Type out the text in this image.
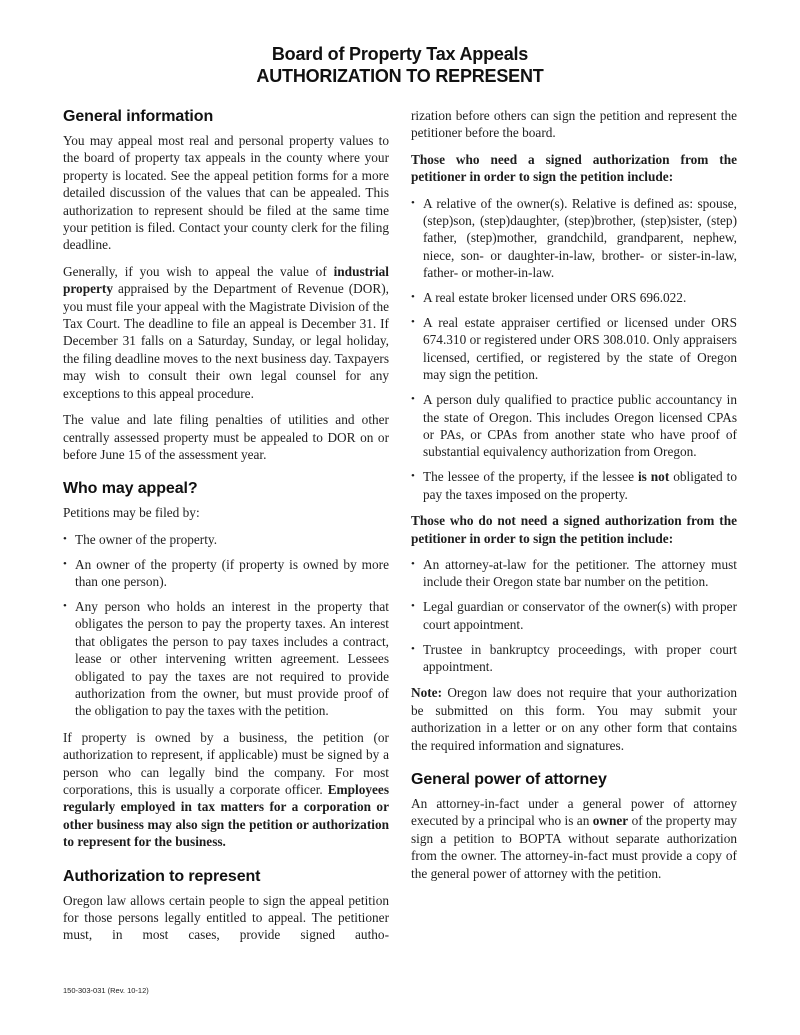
Board of Property Tax Appeals
AUTHORIZATION TO REPRESENT
General information

You may appeal most real and personal property values to the board of property tax appeals in the county where your property is located. See the appeal petition forms for a more detailed discussion of the values that can be appealed. This authorization to represent should be filed at the same time your petition is filed. Contact your county clerk for the filing deadline.

Generally, if you wish to appeal the value of industrial property appraised by the Department of Revenue (DOR), you must file your appeal with the Magistrate Division of the Tax Court. The deadline to file an appeal is December 31. If December 31 falls on a Saturday, Sunday, or legal holiday, the filing deadline moves to the next business day. Taxpayers may wish to consult their own legal counsel for any exceptions to this appeal procedure.

The value and late filing penalties of utilities and other centrally assessed property must be appealed to DOR on or before June 15 of the assessment year.

Who may appeal?

Petitions may be filed by:

• The owner of the property.
• An owner of the property (if property is owned by more than one person).
• Any person who holds an interest in the property that obligates the person to pay the property taxes. An interest that obligates the person to pay taxes includes a contract, lease or other intervening written agreement. Lessees obligated to pay the taxes are not required to provide authorization from the owner, but must provide proof of the obligation to pay the taxes with the petition.

If property is owned by a business, the petition (or authorization to represent, if applicable) must be signed by a person who can legally bind the company. For most corporations, this is usually a corporate officer. Employees regularly employed in tax matters for a corporation or other business may also sign the petition or authorization to represent for the business.

Authorization to represent

Oregon law allows certain people to sign the appeal petition for those persons legally entitled to appeal. The petitioner must, in most cases, provide signed autho-

rization before others can sign the petition and represent the petitioner before the board.

Those who need a signed authorization from the petitioner in order to sign the petition include:

• A relative of the owner(s). Relative is defined as: spouse, (step)son, (step)daughter, (step)brother, (step)sister, (step) father, (step)mother, grandchild, grandparent, nephew, niece, son- or daughter-in-law, brother- or sister-in-law, father- or mother-in-law.
• A real estate broker licensed under ORS 696.022.
• A real estate appraiser certified or licensed under ORS 674.310 or registered under ORS 308.010. Only appraisers licensed, certified, or registered by the state of Oregon may sign the petition.
• A person duly qualified to practice public accountancy in the state of Oregon. This includes Oregon licensed CPAs or PAs, or CPAs from another state who have proof of substantial equivalency authorization from Oregon.
• The lessee of the property, if the lessee is not obligated to pay the taxes imposed on the property.

Those who do not need a signed authorization from the petitioner in order to sign the petition include:

• An attorney-at-law for the petitioner. The attorney must include their Oregon state bar number on the petition.
• Legal guardian or conservator of the owner(s) with proper court appointment.
• Trustee in bankruptcy proceedings, with proper court appointment.

Note: Oregon law does not require that your authorization be submitted on this form. You may submit your authorization in a letter or on any other form that contains the required information and signatures.

General power of attorney

An attorney-in-fact under a general power of attorney executed by a principal who is an owner of the property may sign a petition to BOPTA without separate authorization from the owner. The attorney-in-fact must provide a copy of the general power of attorney with the petition.

150-303-031 (Rev. 10-12)
